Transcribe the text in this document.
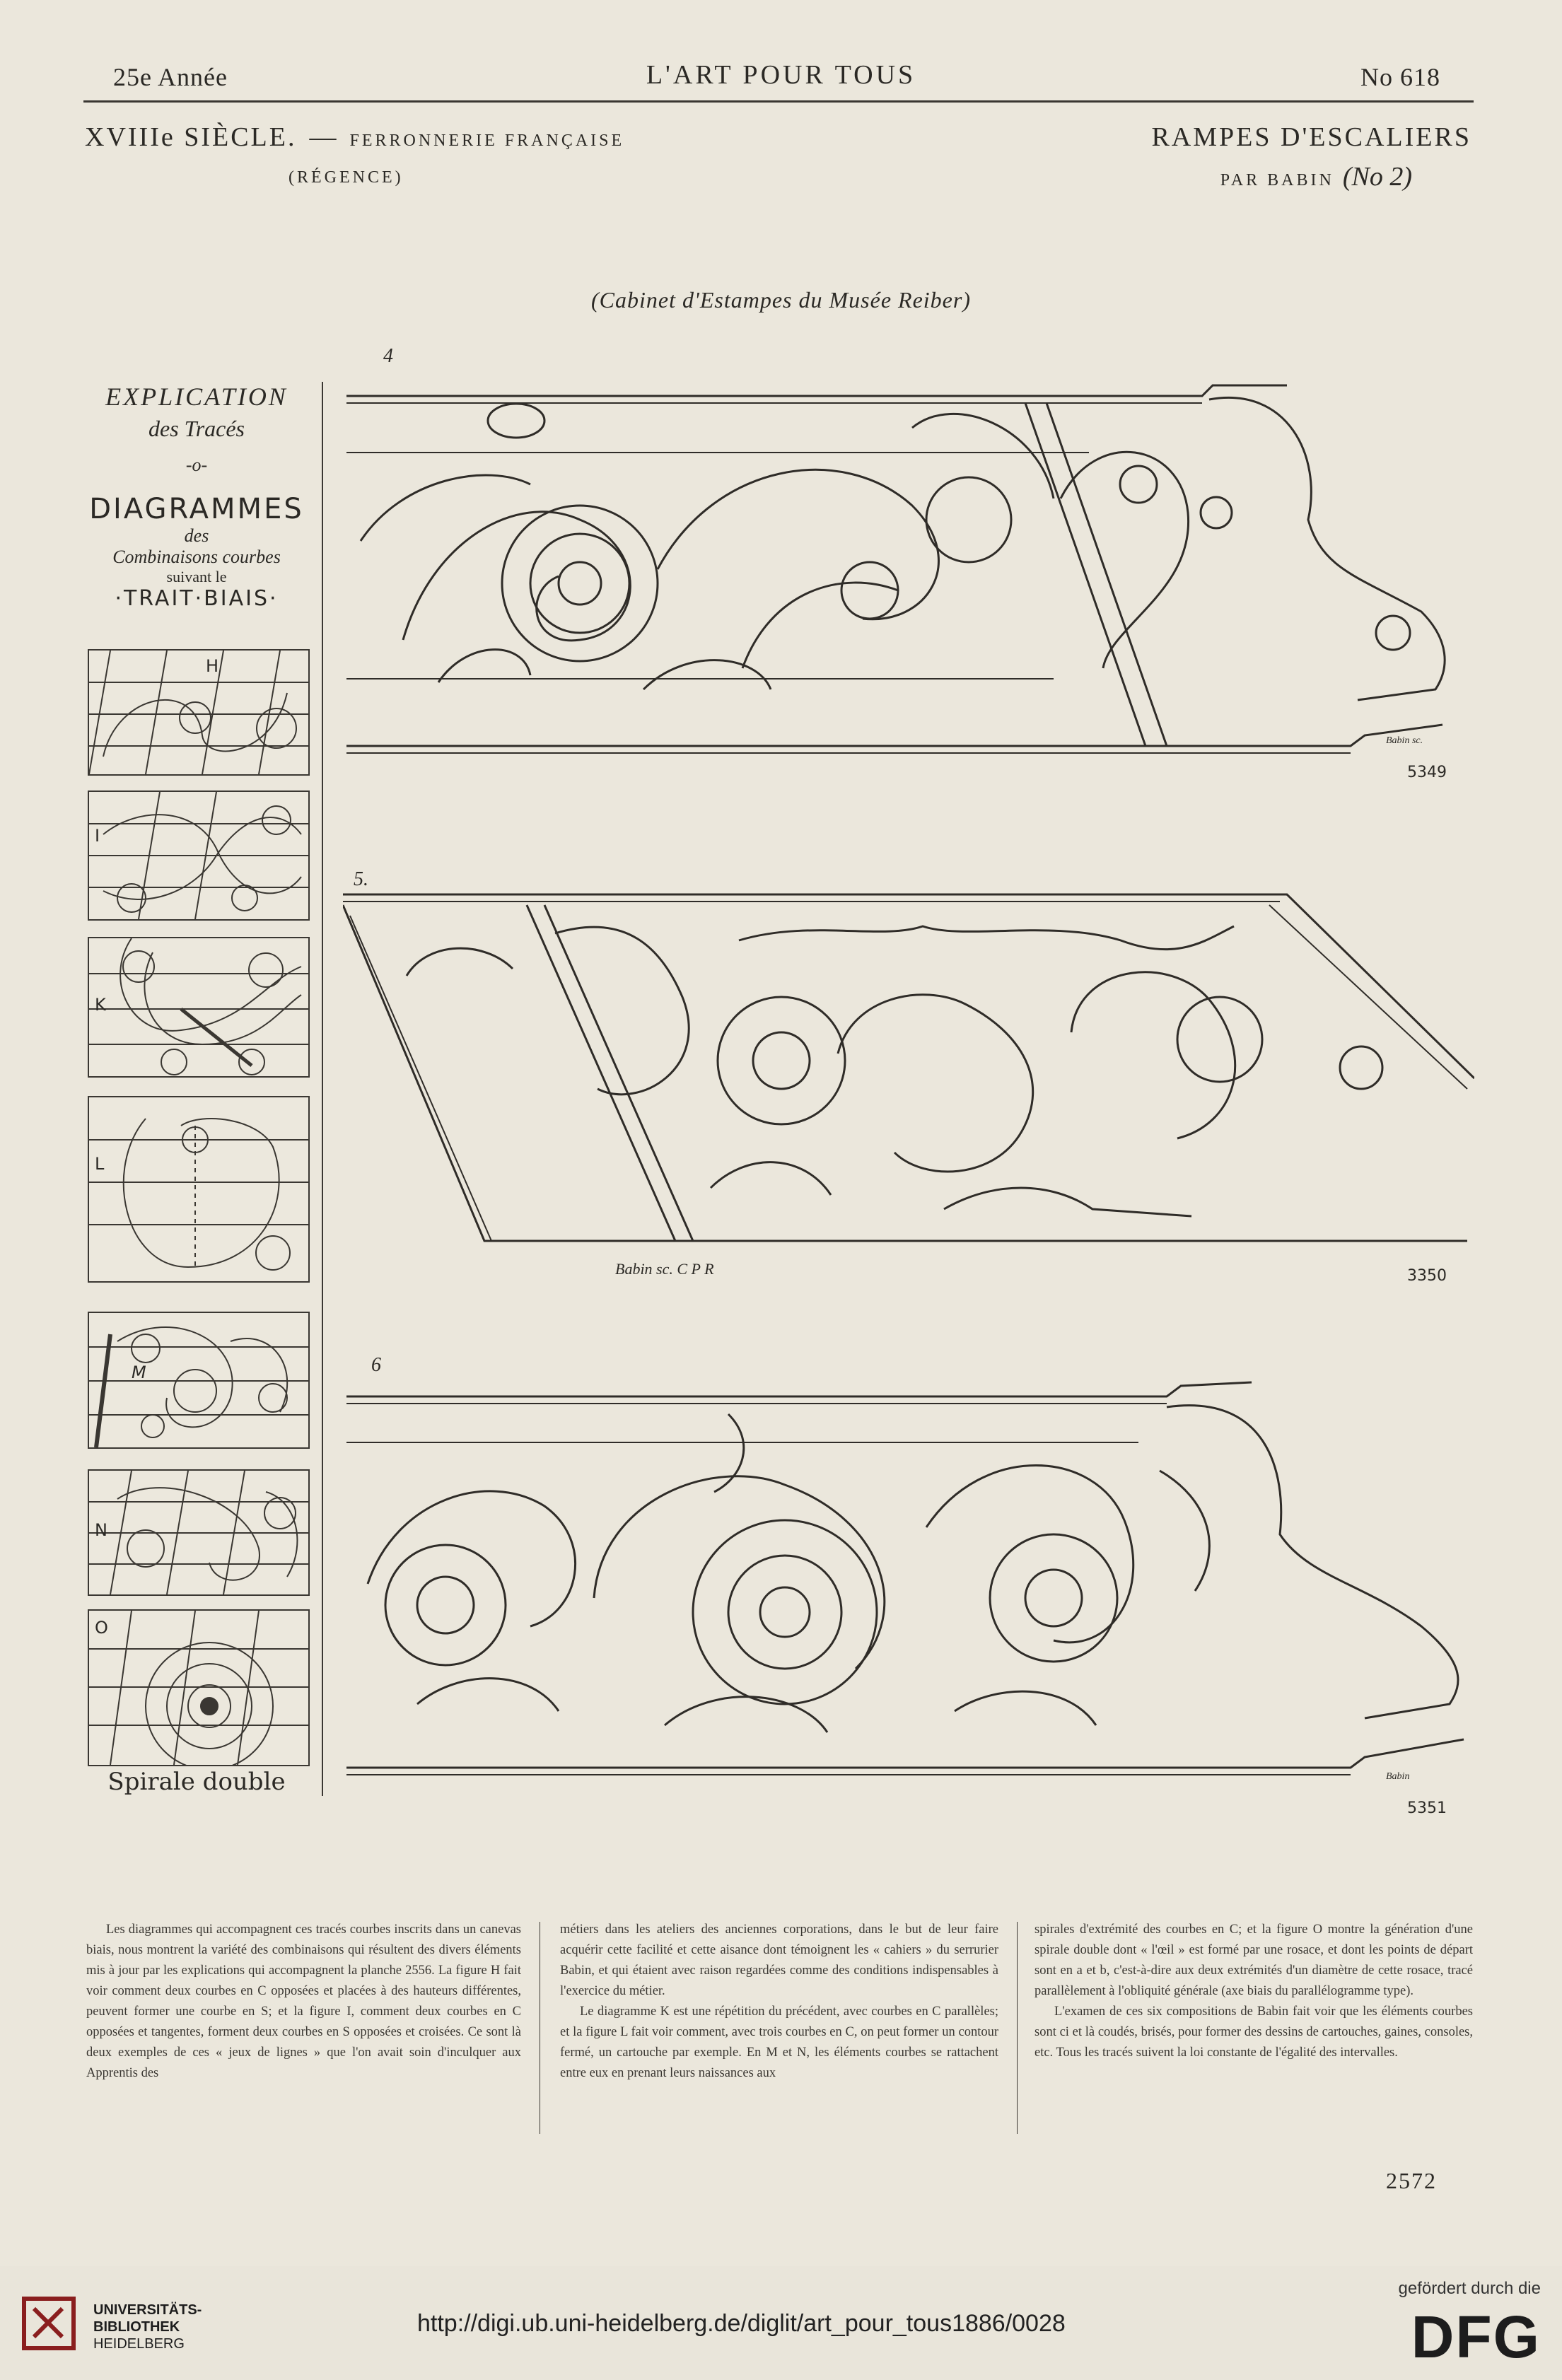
25e Année	L'ART POUR TOUS	No 618
XVIIIe SIÈCLE. — FERRONNERIE FRANÇAISE
(RÉGENCE)
RAMPES D'ESCALIERS
PAR BABIN (No 2)
(Cabinet d'Estampes du Musée Reiber)
EXPLICATION
des Tracés
-o-
DIAGRAMMES
des
Combinaisons courbes
suivant le
·TRAIT·BIAIS·
H
I
K
L
M
N
O
Spirale double
4
5349
Babin sc.
5.
3350
Babin sc. C P R
6
5351
Babin

Les diagrammes qui accompagnent ces tracés courbes inscrits dans un canevas biais, nous montrent la variété des combinaisons qui résultent des divers éléments mis à jour par les explications qui accompagnent la planche 2556. La figure H fait voir comment deux courbes en C opposées et placées à des hauteurs différentes, peuvent former une courbe en S; et la figure I, comment deux courbes en C opposées et tangentes, forment deux courbes en S opposées et croisées. Ce sont là deux exemples de ces « jeux de lignes » que l'on avait soin d'inculquer aux Apprentis des

métiers dans les ateliers des anciennes corporations, dans le but de leur faire acquérir cette facilité et cette aisance dont témoignent les « cahiers » du serrurier Babin, et qui étaient avec raison regardées comme des conditions indispensables à l'exercice du métier.

Le diagramme K est une répétition du précédent, avec courbes en C parallèles; et la figure L fait voir comment, avec trois courbes en C, on peut former un contour fermé, un cartouche par exemple. En M et N, les éléments courbes se rattachent entre eux en prenant leurs naissances aux

spirales d'extrémité des courbes en C; et la figure O montre la génération d'une spirale double dont « l'œil » est formé par une rosace, et dont les points de départ sont en a et b, c'est-à-dire aux deux extrémités d'un diamètre de cette rosace, tracé parallèlement à l'obliquité générale (axe biais du parallélogramme type).

L'examen de ces six compositions de Babin fait voir que les éléments courbes sont ci et là coudés, brisés, pour former des dessins de cartouches, gaines, consoles, etc. Tous les tracés suivent la loi constante de l'égalité des intervalles.

2572
UNIVERSITÄTS-
BIBLIOTHEK
HEIDELBERG
http://digi.ub.uni-heidelberg.de/diglit/art_pour_tous1886/0028
gefördert durch die
DFG
